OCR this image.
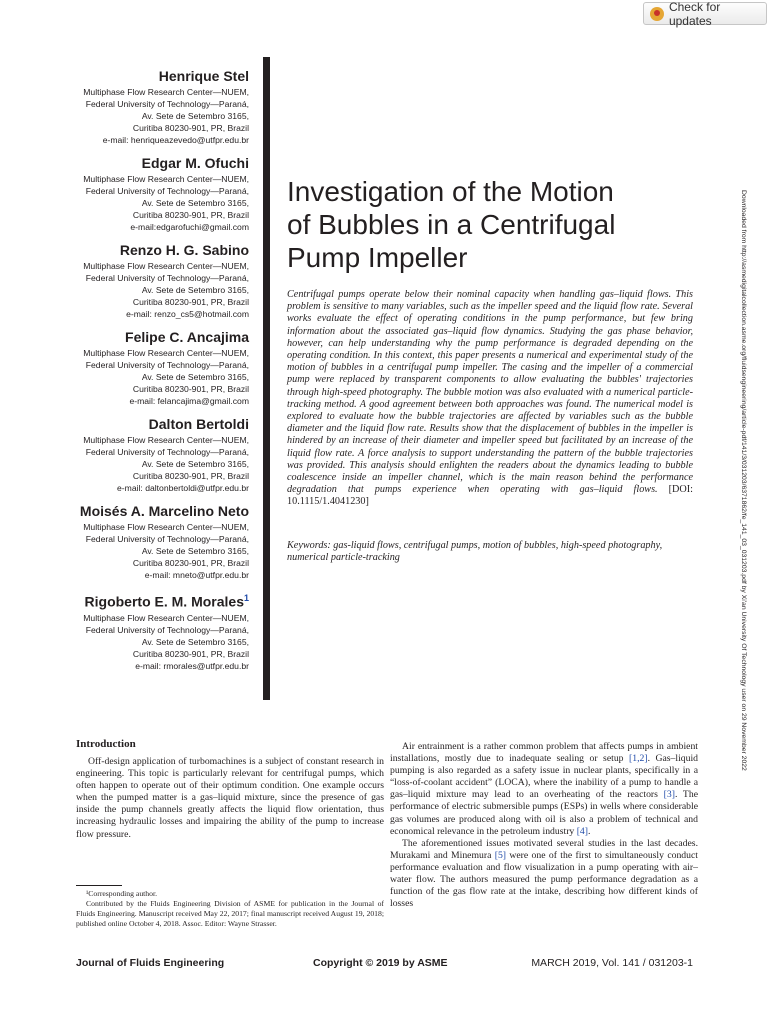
Check for updates
Henrique Stel
Multiphase Flow Research Center—NUEM,
Federal University of Technology—Paraná,
Av. Sete de Setembro 3165,
Curitiba 80230-901, PR, Brazil
e-mail: henriqueazevedo@utfpr.edu.br
Edgar M. Ofuchi
Multiphase Flow Research Center—NUEM,
Federal University of Technology—Paraná,
Av. Sete de Setembro 3165,
Curitiba 80230-901, PR, Brazil
e-mail:edgarofuchi@gmail.com
Renzo H. G. Sabino
Multiphase Flow Research Center—NUEM,
Federal University of Technology—Paraná,
Av. Sete de Setembro 3165,
Curitiba 80230-901, PR, Brazil
e-mail: renzo_cs5@hotmail.com
Felipe C. Ancajima
Multiphase Flow Research Center—NUEM,
Federal University of Technology—Paraná,
Av. Sete de Setembro 3165,
Curitiba 80230-901, PR, Brazil
e-mail: felancajima@gmail.com
Dalton Bertoldi
Multiphase Flow Research Center—NUEM,
Federal University of Technology—Paraná,
Av. Sete de Setembro 3165,
Curitiba 80230-901, PR, Brazil
e-mail: daltonbertoldi@utfpr.edu.br
Moisés A. Marcelino Neto
Multiphase Flow Research Center—NUEM,
Federal University of Technology—Paraná,
Av. Sete de Setembro 3165,
Curitiba 80230-901, PR, Brazil
e-mail: mneto@utfpr.edu.br
Rigoberto E. M. Morales$^1$
Multiphase Flow Research Center—NUEM,
Federal University of Technology—Paraná,
Av. Sete de Setembro 3165,
Curitiba 80230-901, PR, Brazil
e-mail: rmorales@utfpr.edu.br
Investigation of the Motion
of Bubbles in a Centrifugal
Pump Impeller
Centrifugal pumps operate below their nominal capacity when handling gas–liquid flows. This problem is sensitive to many variables, such as the impeller speed and the liquid flow rate. Several works evaluate the effect of operating conditions in the pump performance, but few bring information about the associated gas–liquid flow dynamics. Studying the gas phase behavior, however, can help understanding why the pump performance is degraded depending on the operating condition. In this context, this paper presents a numerical and experimental study of the motion of bubbles in a centrifugal pump impeller. The casing and the impeller of a commercial pump were replaced by transparent components to allow evaluating the bubbles' trajectories through high-speed photography. The bubble motion was also evaluated with a numerical particle-tracking method. A good agreement between both approaches was found. The numerical model is explored to evaluate how the bubble trajectories are affected by variables such as the bubble diameter and the liquid flow rate. Results show that the displacement of bubbles in the impeller is hindered by an increase of their diameter and impeller speed but facilitated by an increase of the liquid flow rate. A force analysis to support understanding the pattern of the bubble trajectories was provided. This analysis should enlighten the readers about the dynamics leading to bubble coalescence inside an impeller channel, which is the main reason behind the performance degradation that pumps experience when operating with gas–liquid flows. [DOI: 10.1115/1.4041230]
Keywords: gas-liquid flows, centrifugal pumps, motion of bubbles, high-speed photography, numerical particle-tracking	Downloaded from http://asmedigitalcollection.asme.org/fluidsengineering/article-pdf/141/3/031203/6371862/fe_141_03_031203.pdf by Xi'an University Of Technology user on 29 November 2022
Introduction

Off-design application of turbomachines is a subject of constant research in engineering. This topic is particularly relevant for centrifugal pumps, which often happen to operate out of their optimum condition. One example occurs when the pumped matter is a gas–liquid mixture, since the presence of gas inside the pump channels greatly affects the liquid flow orientation, thus increasing hydraulic losses and impairing the ability of the pump to increase flow pressure.

Air entrainment is a rather common problem that affects pumps in ambient installations, mostly due to inadequate sealing or setup [1,2]. Gas–liquid pumping is also regarded as a safety issue in nuclear plants, specifically in a “loss-of-coolant accident” (LOCA), where the inability of a pump to handle a gas–liquid mixture may lead to an overheating of the reactors [3]. The performance of electric submersible pumps (ESPs) in wells where considerable gas volumes are produced along with oil is also a problem of technical and economical relevance in the petroleum industry [4].

The aforementioned issues motivated several studies in the last decades. Murakami and Minemura [5] were one of the first to simultaneously conduct performance evaluation and flow visualization in a pump operating with air–water flow. The authors measured the pump performance degradation as a function of the gas flow rate at the intake, describing how different kinds of losses

¹Corresponding author.

Contributed by the Fluids Engineering Division of ASME for publication in the Journal of Fluids Engineering. Manuscript received May 22, 2017; final manuscript received August 19, 2018; published online October 4, 2018. Assoc. Editor: Wayne Strasser.

Journal of Fluids Engineering	Copyright © 2019 by ASME	MARCH 2019, Vol. 141 / 031203-1
